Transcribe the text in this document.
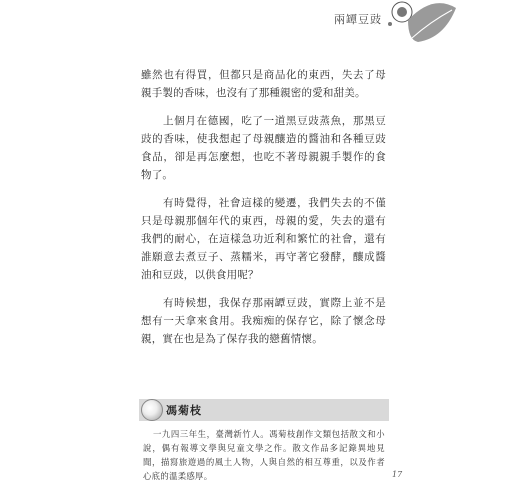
兩罈豆豉

雖然也有得買，但都只是商品化的東西，失去了母親手製的香味，也沒有了那種親密的愛和甜美。

上個月在德國，吃了一道黑豆豉蒸魚，那黑豆豉的香味，使我想起了母親釀造的醬油和各種豆豉食品，卻是再怎麼想，也吃不著母親親手製作的食物了。

有時覺得，社會這樣的變遷，我們失去的不僅只是母親那個年代的東西，母親的愛，失去的還有我們的耐心，在這樣急功近利和繁忙的社會，還有誰願意去煮豆子、蒸糯米，再守著它發酵，釀成醬油和豆豉，以供食用呢？

有時候想，我保存那兩罈豆豉，實際上並不是想有一天拿來食用。我痴痴的保存它，除了懷念母親，實在也是為了保存我的戀舊情懷。

馮菊枝
一九四三年生，臺灣新竹人。馮菊枝創作文類包括散文和小說，偶有報導文學與兒童文學之作。散文作品多記錄異地見聞，描寫旅遊過的風土人物，人與自然的相互尊重，以及作者心底的溫柔感厚。	17
